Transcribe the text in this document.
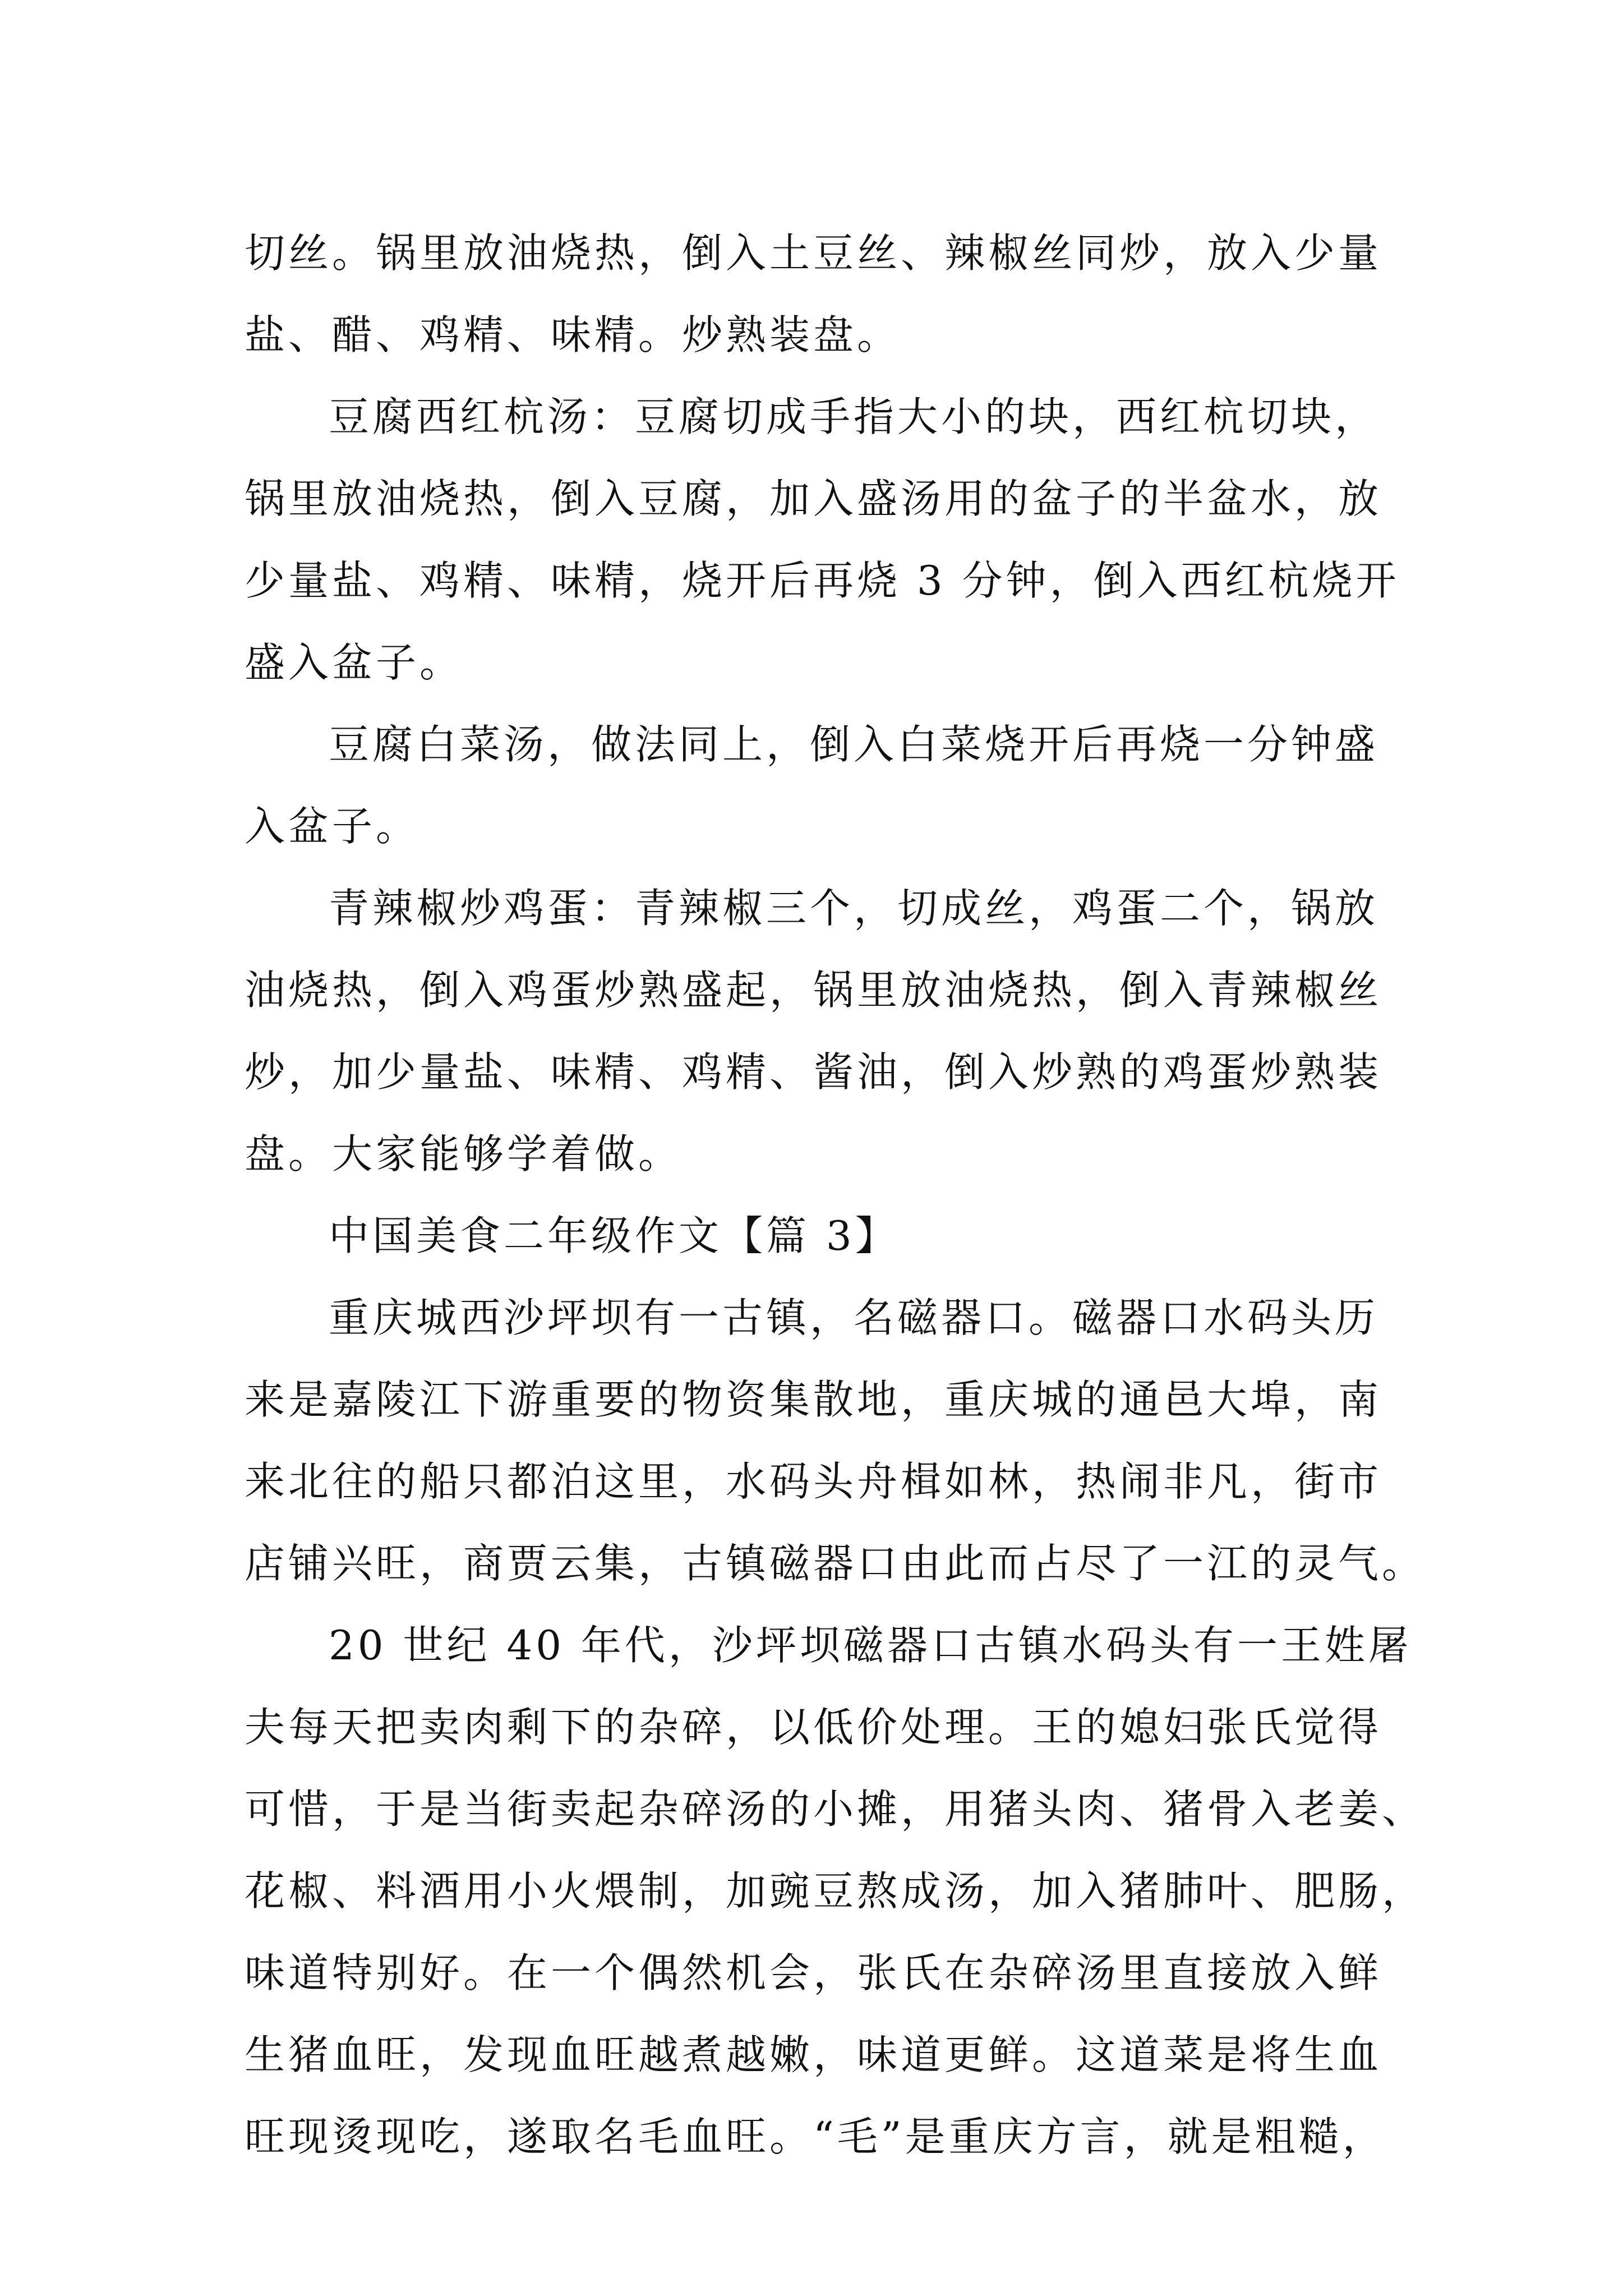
切丝。锅里放油烧热，倒入土豆丝、辣椒丝同炒，放入少量
盐、醋、鸡精、味精。炒熟装盘。
豆腐西红杭汤：豆腐切成手指大小的块，西红杭切块，
锅里放油烧热，倒入豆腐，加入盛汤用的盆子的半盆水，放
少量盐、鸡精、味精，烧开后再烧 3 分钟，倒入西红杭烧开
盛入盆子。
豆腐白菜汤，做法同上，倒入白菜烧开后再烧一分钟盛
入盆子。
青辣椒炒鸡蛋：青辣椒三个，切成丝，鸡蛋二个，锅放
油烧热，倒入鸡蛋炒熟盛起，锅里放油烧热，倒入青辣椒丝
炒，加少量盐、味精、鸡精、酱油，倒入炒熟的鸡蛋炒熟装
盘。大家能够学着做。
中国美食二年级作文【篇 3】
重庆城西沙坪坝有一古镇，名磁器口。磁器口水码头历
来是嘉陵江下游重要的物资集散地，重庆城的通邑大埠，南
来北往的船只都泊这里，水码头舟楫如林，热闹非凡，街市
店铺兴旺，商贾云集，古镇磁器口由此而占尽了一江的灵气。
20 世纪 40 年代，沙坪坝磁器口古镇水码头有一王姓屠
夫每天把卖肉剩下的杂碎，以低价处理。王的媳妇张氏觉得
可惜，于是当街卖起杂碎汤的小摊，用猪头肉、猪骨入老姜、
花椒、料酒用小火煨制，加豌豆熬成汤，加入猪肺叶、肥肠，
味道特别好。在一个偶然机会，张氏在杂碎汤里直接放入鲜
生猪血旺，发现血旺越煮越嫩，味道更鲜。这道菜是将生血
旺现烫现吃，遂取名毛血旺。“毛”是重庆方言，就是粗糙，
